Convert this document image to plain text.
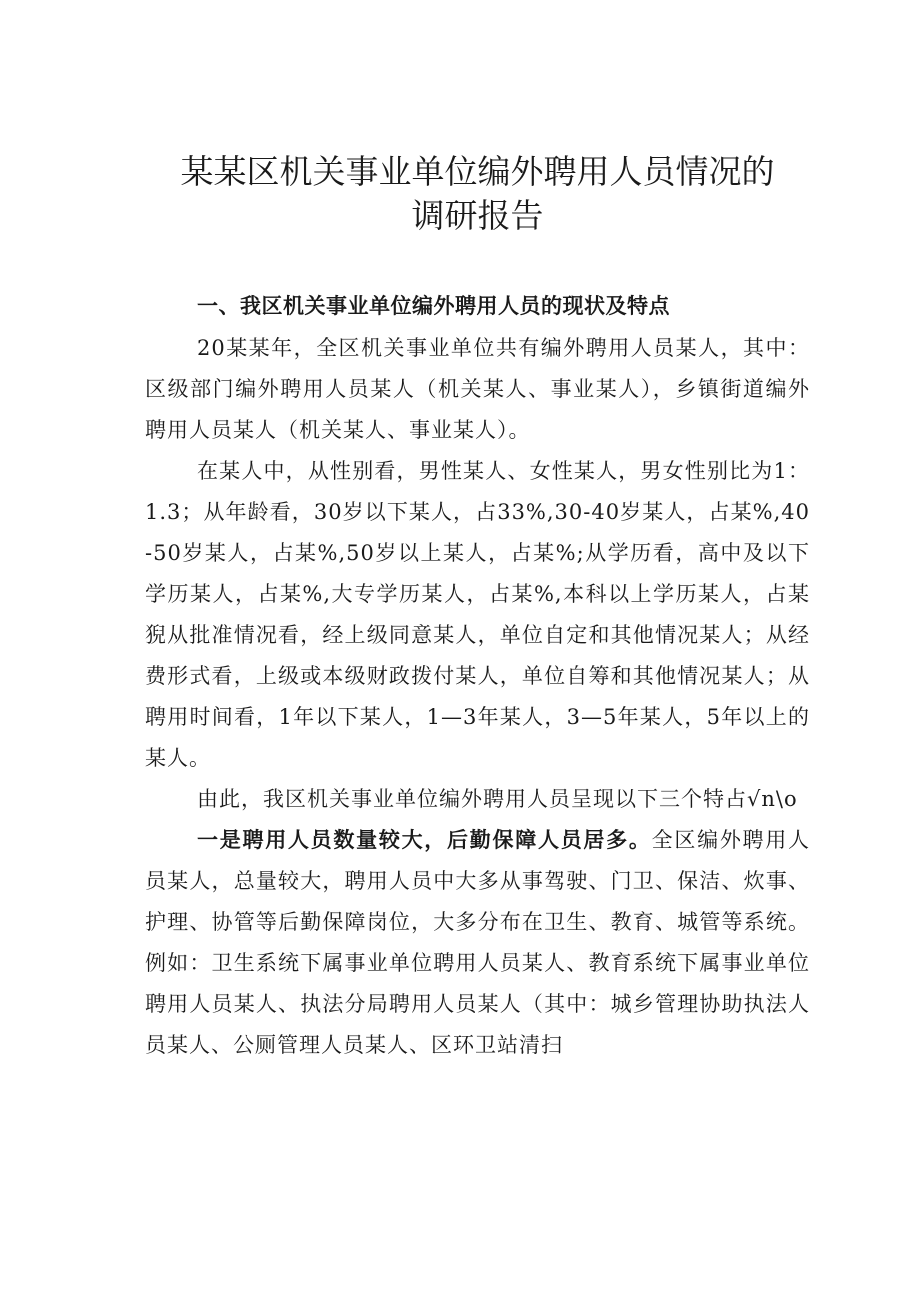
某某区机关事业单位编外聘用人员情况的
调研报告
一、我区机关事业单位编外聘用人员的现状及特点

20某某年，全区机关事业单位共有编外聘用人员某人，其中：区级部门编外聘用人员某人（机关某人、事业某人），乡镇街道编外聘用人员某人（机关某人、事业某人）。

在某人中，从性别看，男性某人、女性某人，男女性别比为1：1.3；从年龄看，30岁以下某人，占33%,30-40岁某人，占某%,40-50岁某人，占某%,50岁以上某人，占某%;从学历看，高中及以下学历某人，占某%,大专学历某人，占某%,本科以上学历某人，占某猊从批准情况看，经上级同意某人，单位自定和其他情况某人；从经费形式看，上级或本级财政拨付某人，单位自筹和其他情况某人；从聘用时间看，1年以下某人，1—3年某人，3—5年某人，5年以上的某人。

由此，我区机关事业单位编外聘用人员呈现以下三个特占√n\o

一是聘用人员数量较大，后勤保障人员居多。全区编外聘用人员某人，总量较大，聘用人员中大多从事驾驶、门卫、保洁、炊事、护理、协管等后勤保障岗位，大多分布在卫生、教育、城管等系统。例如：卫生系统下属事业单位聘用人员某人、教育系统下属事业单位聘用人员某人、执法分局聘用人员某人（其中：城乡管理协助执法人员某人、公厕管理人员某人、区环卫站清扫
